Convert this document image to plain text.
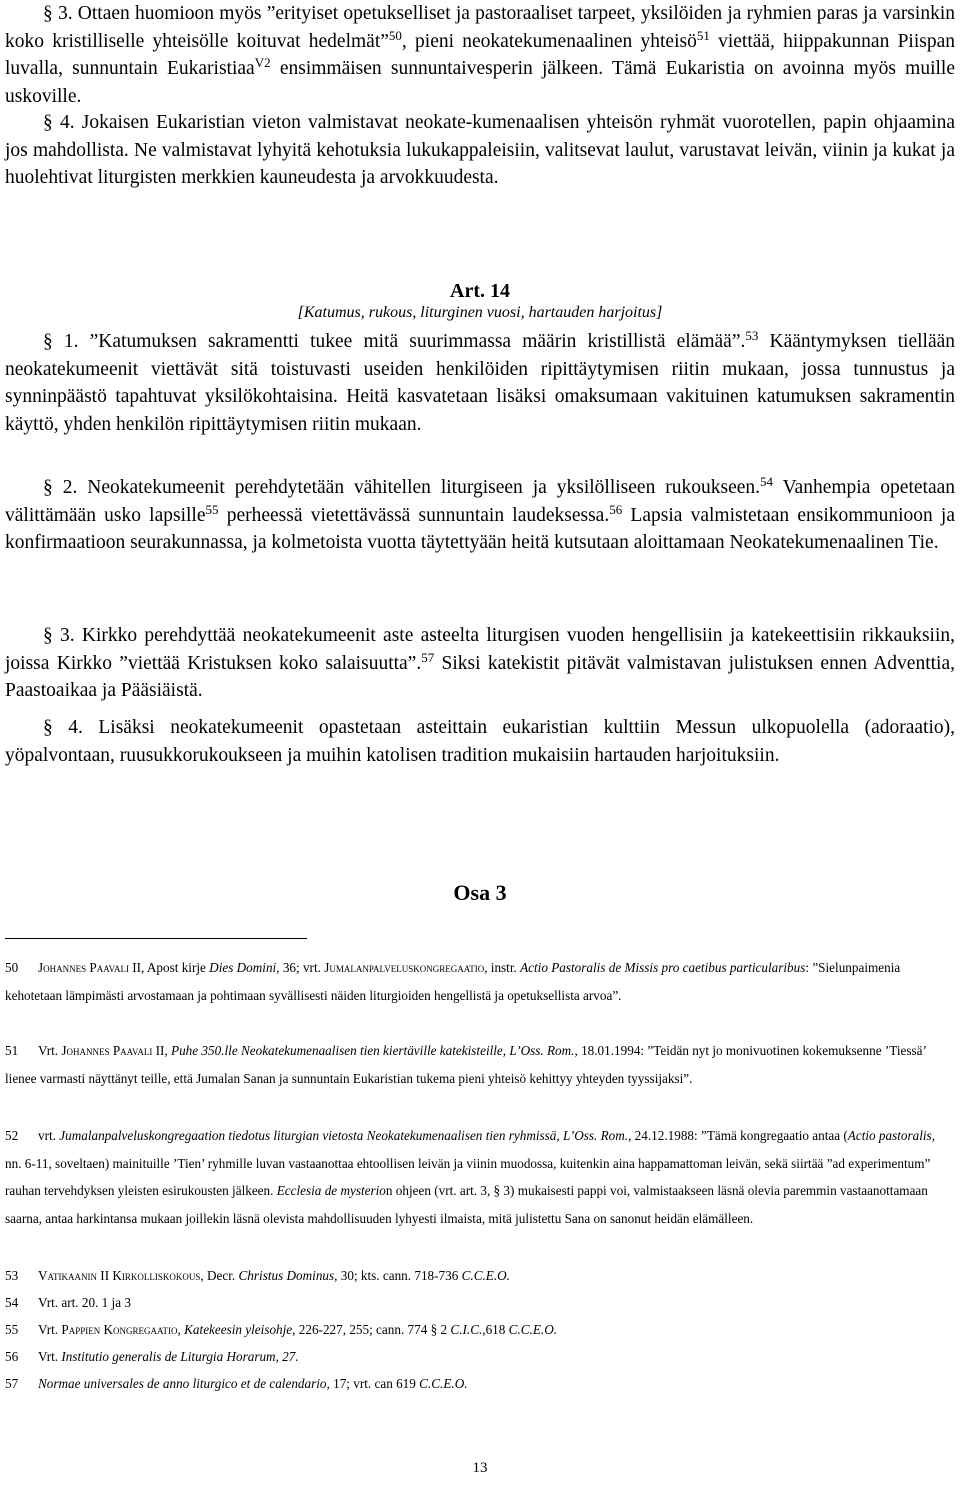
§ 3. Ottaen huomioon myös ”erityiset opetukselliset ja pastoraaliset tarpeet, yksilöiden ja ryhmien paras ja varsinkin koko kristilliselle yhteisölle koituvat hedelmät”$^{50}$, pieni neokatekumenaalinen yhteisö$^{51}$ viettää, hiippakunnan Piispan luvalla, sunnuntain Eukaristiaa$^{V2}$ ensimmäisen sunnuntaivesperin jälkeen. Tämä Eukaristia on avoinna myös muille uskoville.
§ 4. Jokaisen Eukaristian vieton valmistavat neokate-kumenaalisen yhteisön ryhmät vuorotellen, papin ohjaamina jos mahdollista. Ne valmistavat lyhyitä kehotuksia lukukappaleisiin, valitsevat laulut, varustavat leivän, viinin ja kukat ja huolehtivat liturgisten merkkien kauneudesta ja arvokkuudesta.
Art. 14
[Katumus, rukous, liturginen vuosi, hartauden harjoitus]
§ 1. ”Katumuksen sakramentti tukee mitä suurimmassa määrin kristillistä elämää”.$^{53}$ Kääntymyksen tiellään neokatekumeenit viettävät sitä toistuvasti useiden henkilöiden ripittäytymisen riitin mukaan, jossa tunnustus ja synninpäästö tapahtuvat yksilökohtaisina. Heitä kasvatetaan lisäksi omaksumaan vakituinen katumuksen sakramentin käyttö, yhden henkilön ripittäytymisen riitin mukaan.
§ 2. Neokatekumeenit perehdytetään vähitellen liturgiseen ja yksilölliseen rukoukseen.$^{54}$ Vanhempia opetetaan välittämään usko lapsille$^{55}$ perheessä vietettävässä sunnuntain laudeksessa.$^{56}$ Lapsia valmistetaan ensikommunioon ja konfirmaatioon seurakunnassa, ja kolmetoista vuotta täytettyään heitä kutsutaan aloittamaan Neokatekumenaalinen Tie.
§ 3. Kirkko perehdyttää neokatekumeenit aste asteelta liturgisen vuoden hengellisiin ja katekeettisiin rikkauksiin, joissa Kirkko ”viettää Kristuksen koko salaisuutta”.$^{57}$ Siksi katekistit pitävät valmistavan julistuksen ennen Adventtia, Paastoaikaa ja Pääsiäistä.
§ 4. Lisäksi neokatekumeenit opastetaan asteittain eukaristian kulttiin Messun ulkopuolella (adoraatio), yöpalvontaan, ruusukkorukoukseen ja muihin katolisen tradition mukaisiin hartauden harjoituksiin.
Osa 3
50 Johannes Paavali II, Apost kirje Dies Domini, 36; vrt. Jumalanpalveluskongregaatio, instr. Actio Pastoralis de Missis pro caetibus particularibus: ”Sielunpaimenia kehotetaan lämpimästi arvostamaan ja pohtimaan syvällisesti näiden liturgioiden hengellistä ja opetuksellista arvoa”.
51 Vrt. Johannes Paavali II, Puhe 350.lle Neokatekumenaalisen tien kiertäville katekisteille, L’Oss. Rom., 18.01.1994: ”Teidän nyt jo monivuotinen kokemuksenne ’Tiessä’ lienee varmasti näyttänyt teille, että Jumalan Sanan ja sunnuntain Eukaristian tukema pieni yhteisö kehittyy yhteyden tyyssijaksi”.
52 vrt. Jumalanpalveluskongregaation tiedotus liturgian vietosta Neokatekumenaalisen tien ryhmissä, L’Oss. Rom., 24.12.1988: ”Tämä kongregaatio antaa (Actio pastoralis, nn. 6-11, soveltaen) mainituille ’Tien’ ryhmille luvan vastaanottaa ehtoollisen leivän ja viinin muodossa, kuitenkin aina happamattoman leivän, sekä siirtää ”ad experimentum” rauhan tervehdyksen yleisten esirukousten jälkeen. Ecclesia de mysterion ohjeen (vrt. art. 3, § 3) mukaisesti pappi voi, valmistaakseen läsnä olevia paremmin vastaanottamaan saarna, antaa harkintansa mukaan joillekin läsnä olevista mahdollisuuden lyhyesti ilmaista, mitä julistettu Sana on sanonut heidän elämälleen.
53 Vatikaanin II Kirkolliskokous, Decr. Christus Dominus, 30; kts. cann. 718-736 C.C.E.O.
54 Vrt. art. 20. 1 ja 3
55 Vrt. Pappien Kongregaatio, Katekeesin yleisohje, 226-227, 255; cann. 774 § 2 C.I.C.,618 C.C.E.O.
56 Vrt. Institutio generalis de Liturgia Horarum, 27.
57 Normae universales de anno liturgico et de calendario, 17; vrt. can 619 C.C.E.O.
13
